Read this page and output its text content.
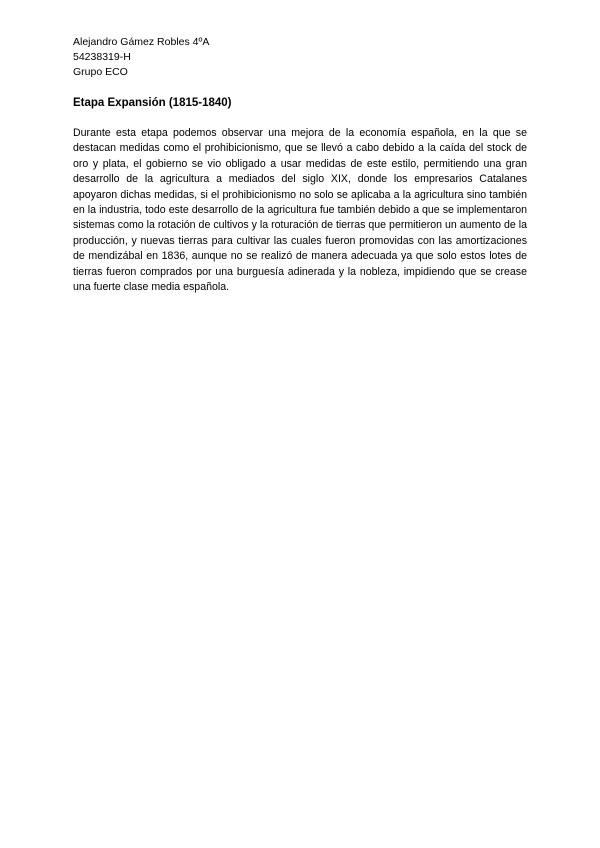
Alejandro Gámez Robles 4ºA
54238319-H
Grupo ECO
Etapa Expansión (1815-1840)

Durante esta etapa podemos observar una mejora de la economía española, en la que se destacan medidas como el prohibicionismo, que se llevó a cabo debido a la caída del stock de oro y plata, el gobierno se vio obligado a usar medidas de este estilo, permitiendo una gran desarrollo de la agricultura a mediados del siglo XIX, donde los empresarios Catalanes apoyaron dichas medidas, si el prohibicionismo no solo se aplicaba a la agricultura sino también en la industria, todo este desarrollo de la agricultura fue también debido a que se implementaron sistemas como la rotación de cultivos y la roturación de tierras que permitieron un aumento de la producción, y nuevas tierras para cultivar las cuales fueron promovidas con las amortizaciones de mendizábal en 1836, aunque no se realizó de manera adecuada ya que solo estos lotes de tierras fueron comprados por una burguesía adinerada y la nobleza, impidiendo que se crease una fuerte clase media española.
